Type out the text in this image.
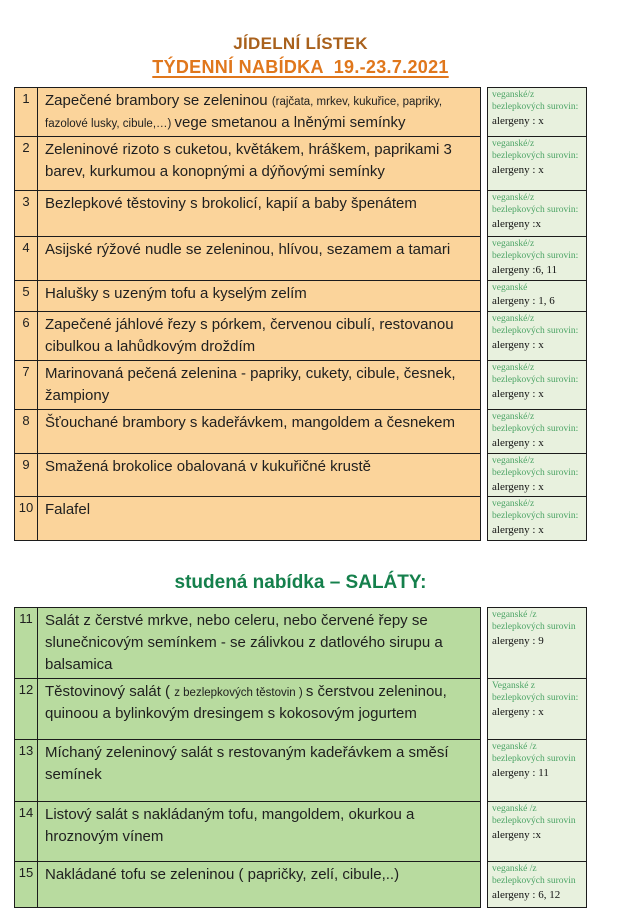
JÍDELNÍ LÍSTEK
TÝDENNÍ NABÍDKA  19.-23.7.2021
1	Zapečené brambory se zeleninou (rajčata, mrkev, kukuřice, papriky, fazolové lusky, cibule,…) vege smetanou a lněnými semínky
veganské/z bezlepkových surovin:
alergeny : x
2	Zeleninové rizoto s cuketou, květákem, hráškem, paprikami 3 barev, kurkumou a konopnými a dýňovými semínky
veganské/z bezlepkových surovin:
alergeny : x
3	Bezlepkové těstoviny s brokolicí, kapií a baby špenátem	veganské/z bezlepkových surovin:
alergeny :x
4	Asijské rýžové nudle se zeleninou, hlívou, sezamem a tamari	veganské/z bezlepkových surovin:
alergeny :6, 11
5	Halušky s uzeným tofu a kyselým zelím	veganské
alergeny : 1, 6
6	Zapečené jáhlové řezy s pórkem, červenou cibulí, restovanou cibulkou a lahůdkovým droždím
veganské/z bezlepkových surovin:
alergeny : x
7	Marinovaná pečená zelenina - papriky, cukety, cibule, česnek, žampiony
veganské/z bezlepkových surovin:
alergeny : x
8	Šťouchané brambory s kadeřávkem, mangoldem a česnekem	veganské/z bezlepkových surovin:
alergeny : x
9	Smažená brokolice obalovaná v kukuřičné krustě	veganské/z bezlepkových surovin:
alergeny : x
10 Falafel	veganské/z bezlepkových surovin:
alergeny : x
studená nabídka – SALÁTY:
11 Salát z čerstvé mrkve, nebo celeru, nebo červené řepy se slunečnicovým semínkem - se zálivkou z datlového sirupu a balsamica
veganské /z bezlepkových surovin
alergeny : 9
12 Těstovinový salát ( z bezlepkových těstovin ) s čerstvou zeleninou, quinoou a bylinkovým dresingem s kokosovým jogurtem
Veganské z bezlepkových surovin:
alergeny : x
13 Míchaný zeleninový salát s restovaným kadeřávkem a směsí semínek
veganské /z bezlepkových surovin
alergeny : 11
14 Listový salát s nakládaným tofu, mangoldem, okurkou a hroznovým vínem
veganské /z bezlepkových surovin
alergeny :x
15 Nakládané tofu se zeleninou ( papričky, zelí, cibule,..)	veganské /z bezlepkových surovin
alergeny : 6, 12
